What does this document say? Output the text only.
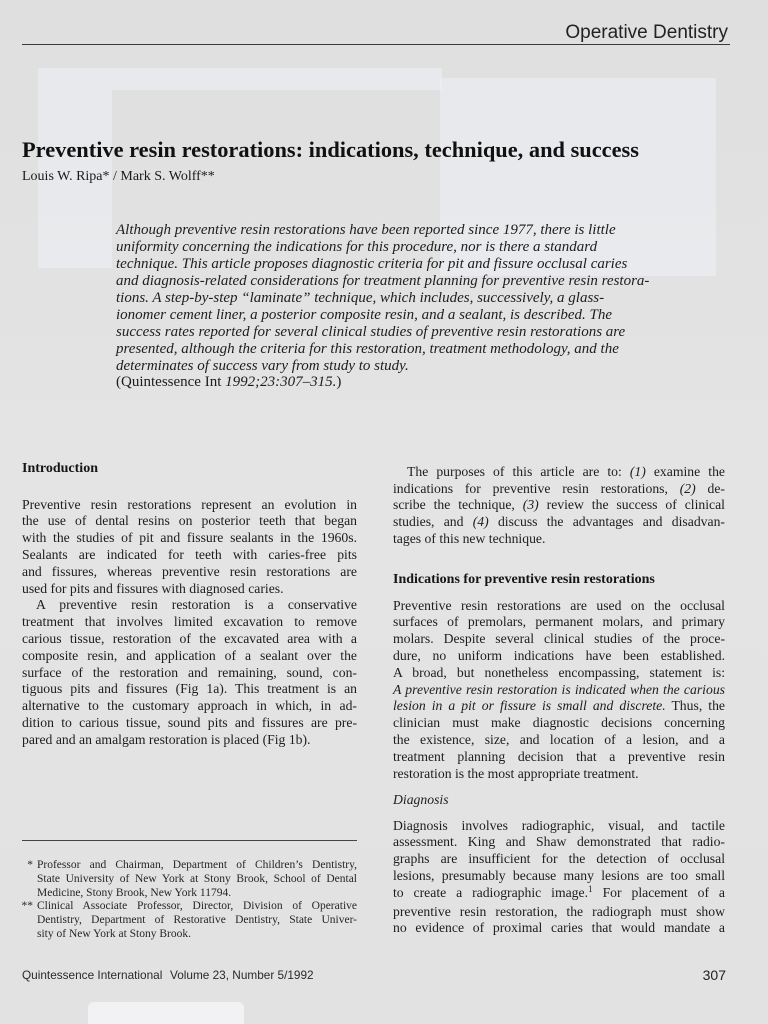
Operative Dentistry
Preventive resin restorations: indications, technique, and success
Louis W. Ripa* / Mark S. Wolff**
Although preventive resin restorations have been reported since 1977, there is little
uniformity concerning the indications for this procedure, nor is there a standard
technique. This article proposes diagnostic criteria for pit and fissure occlusal caries
and diagnosis-related considerations for treatment planning for preventive resin restora-
tions. A step-by-step “laminate” technique, which includes, successively, a glass-
ionomer cement liner, a posterior composite resin, and a sealant, is described. The
success rates reported for several clinical studies of preventive resin restorations are
presented, although the criteria for this restoration, treatment methodology, and the
determinates of success vary from study to study.
(Quintessence Int 1992;23:307–315.)
Introduction
Preventive resin restorations represent an evolution in
the use of dental resins on posterior teeth that began
with the studies of pit and fissure sealants in the 1960s.
Sealants are indicated for teeth with caries-free pits
and fissures, whereas preventive resin restorations are
used for pits and fissures with diagnosed caries.
A preventive resin restoration is a conservative
treatment that involves limited excavation to remove
carious tissue, restoration of the excavated area with a
composite resin, and application of a sealant over the
surface of the restoration and remaining, sound, con-
tiguous pits and fissures (Fig 1a). This treatment is an
alternative to the customary approach in which, in ad-
dition to carious tissue, sound pits and fissures are pre-
pared and an amalgam restoration is placed (Fig 1b).
* Professor and Chairman, Department of Children’s Dentistry,
State University of New York at Stony Brook, School of Dental
Medicine, Stony Brook, New York 11794.
** Clinical Associate Professor, Director, Division of Operative
Dentistry, Department of Restorative Dentistry, State Univer-
sity of New York at Stony Brook.
The purposes of this article are to: (1) examine the
indications for preventive resin restorations, (2) de-
scribe the technique, (3) review the success of clinical
studies, and (4) discuss the advantages and disadvan-
tages of this new technique.
Indications for preventive resin restorations
Preventive resin restorations are used on the occlusal
surfaces of premolars, permanent molars, and primary
molars. Despite several clinical studies of the proce-
dure, no uniform indications have been established.
A broad, but nonetheless encompassing, statement is:
A preventive resin restoration is indicated when the carious
lesion in a pit or fissure is small and discrete. Thus, the
clinician must make diagnostic decisions concerning
the existence, size, and location of a lesion, and a
treatment planning decision that a preventive resin
restoration is the most appropriate treatment.
Diagnosis
Diagnosis involves radiographic, visual, and tactile
assessment. King and Shaw demonstrated that radio-
graphs are insufficient for the detection of occlusal
lesions, presumably because many lesions are too small
to create a radiographic image.$^1$ For placement of a
preventive resin restoration, the radiograph must show
no evidence of proximal caries that would mandate a
Quintessence International Volume 23, Number 5/1992	307
